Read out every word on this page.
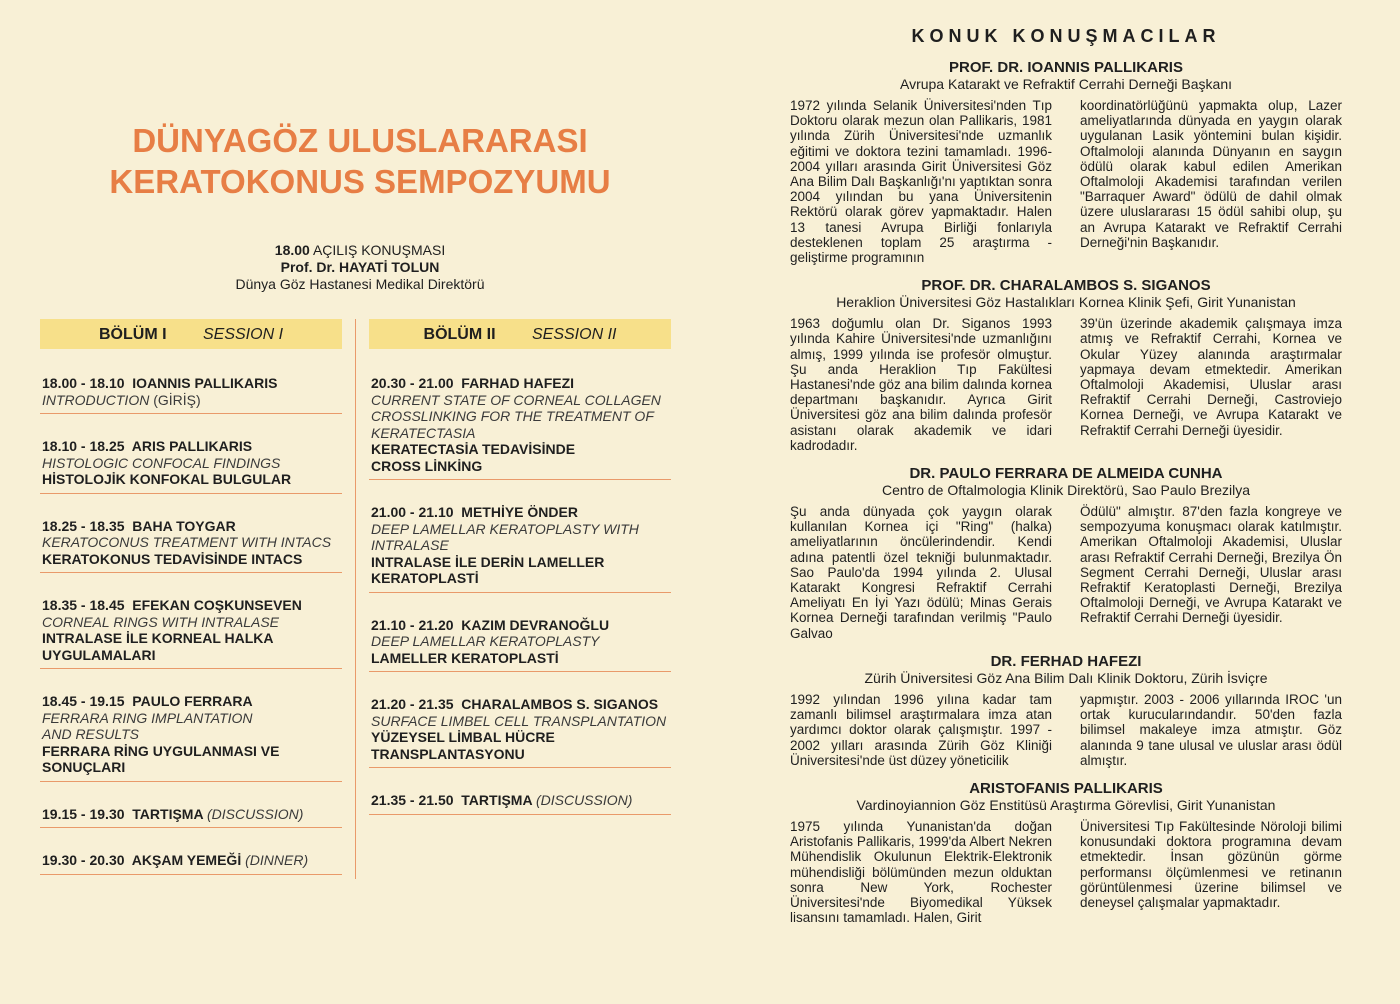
DÜNYAGÖZ ULUSLARARASI
KERATOKONUS SEMPOZYUMU
18.00 AÇILIŞ KONUŞMASI
Prof. Dr. HAYATİ TOLUN
Dünya Göz Hastanesi Medikal Direktörü
BÖLÜM I SESSION I
18.00 - 18.10 IOANNIS PALLIKARIS
INTRODUCTION (GİRİŞ)
18.10 - 18.25 ARIS PALLIKARIS
HISTOLOGIC CONFOCAL FINDINGS
HİSTOLOJİK KONFOKAL BULGULAR
18.25 - 18.35 BAHA TOYGAR
KERATOCONUS TREATMENT WITH INTACS
KERATOKONUS TEDAVİSİNDE INTACS
18.35 - 18.45 EFEKAN COŞKUNSEVEN
CORNEAL RINGS WITH INTRALASE
INTRALASE İLE KORNEAL HALKA UYGULAMALARI
18.45 - 19.15 PAULO FERRARA
FERRARA RING IMPLANTATION AND RESULTS
FERRARA RİNG UYGULANMASI VE SONUÇLARI
19.15 - 19.30 TARTIŞMA (DISCUSSION)
19.30 - 20.30 AKŞAM YEMEĞİ (DINNER)
BÖLÜM II SESSION II
20.30 - 21.00 FARHAD HAFEZI
CURRENT STATE OF CORNEAL COLLAGEN CROSSLINKING FOR THE TREATMENT OF KERATECTASIA
KERATECTASİA TEDAVİSİNDE CROSS LİNKİNG
21.00 - 21.10 METHİYE ÖNDER
DEEP LAMELLAR KERATOPLASTY WITH INTRALASE
INTRALASE İLE DERİN LAMELLER KERATOPLASTİ
21.10 - 21.20 KAZIM DEVRANOĞLU
DEEP LAMELLAR KERATOPLASTY
LAMELLER KERATOPLASTİ
21.20 - 21.35 CHARALAMBOS S. SIGANOS
SURFACE LIMBEL CELL TRANSPLANTATION
YÜZEYSEL LİMBAL HÜCRE TRANSPLANTASYONU
21.35 - 21.50 TARTIŞMA (DISCUSSION)
KONUK KONUŞMACILAR
PROF. DR. IOANNIS PALLIKARIS
Avrupa Katarakt ve Refraktif Cerrahi Derneği Başkanı

1972 yılında Selanik Üniversitesi'nden Tıp Doktoru olarak mezun olan Pallikaris, 1981 yılında Zürih Üniversitesi'nde uzmanlık eğitimi ve doktora tezini tamamladı. 1996-2004 yılları arasında Girit Üniversitesi Göz Ana Bilim Dalı Başkanlığı'nı yaptıktan sonra 2004 yılından bu yana Üniversitenin Rektörü olarak görev yapmaktadır. Halen 13 tanesi Avrupa Birliği fonlarıyla desteklenen toplam 25 araştırma - geliştirme programının

koordinatörlüğünü yapmakta olup, Lazer ameliyatlarında dünyada en yaygın olarak uygulanan Lasik yöntemini bulan kişidir. Oftalmoloji alanında Dünyanın en saygın ödülü olarak kabul edilen Amerikan Oftalmoloji Akademisi tarafından verilen "Barraquer Award" ödülü de dahil olmak üzere uluslararası 15 ödül sahibi olup, şu an Avrupa Katarakt ve Refraktif Cerrahi Derneği'nin Başkanıdır.

PROF. DR. CHARALAMBOS S. SIGANOS
Heraklion Üniversitesi Göz Hastalıkları Kornea Klinik Şefi, Girit Yunanistan

1963 doğumlu olan Dr. Siganos 1993 yılında Kahire Üniversitesi'nde uzmanlığını almış, 1999 yılında ise profesör olmuştur. Şu anda Heraklion Tıp Fakültesi Hastanesi'nde göz ana bilim dalında kornea departmanı başkanıdır. Ayrıca Girit Üniversitesi göz ana bilim dalında profesör asistanı olarak akademik ve idari kadrodadır.

39'ün üzerinde akademik çalışmaya imza atmış ve Refraktif Cerrahi, Kornea ve Okular Yüzey alanında araştırmalar yapmaya devam etmektedir. Amerikan Oftalmoloji Akademisi, Uluslar arası Refraktif Cerrahi Derneği, Castroviejo Kornea Derneği, ve Avrupa Katarakt ve Refraktif Cerrahi Derneği üyesidir.

DR. PAULO FERRARA DE ALMEIDA CUNHA
Centro de Oftalmologia Klinik Direktörü, Sao Paulo Brezilya

Şu anda dünyada çok yaygın olarak kullanılan Kornea içi "Ring" (halka) ameliyatlarının öncülerindendir. Kendi adına patentli özel tekniği bulunmaktadır. Sao Paulo'da 1994 yılında 2. Ulusal Katarakt Kongresi Refraktif Cerrahi Ameliyatı En İyi Yazı ödülü; Minas Gerais Kornea Derneği tarafından verilmiş "Paulo Galvao

Ödülü" almıştır. 87'den fazla kongreye ve sempozyuma konuşmacı olarak katılmıştır. Amerikan Oftalmoloji Akademisi, Uluslar arası Refraktif Cerrahi Derneği, Brezilya Ön Segment Cerrahi Derneği, Uluslar arası Refraktif Keratoplasti Derneği, Brezilya Oftalmoloji Derneği, ve Avrupa Katarakt ve Refraktif Cerrahi Derneği üyesidir.

DR. FERHAD HAFEZI
Zürih Üniversitesi Göz Ana Bilim Dalı Klinik Doktoru, Zürih İsviçre

1992 yılından 1996 yılına kadar tam zamanlı bilimsel araştırmalara imza atan yardımcı doktor olarak çalışmıştır. 1997 - 2002 yılları arasında Zürih Göz Kliniği Üniversitesi'nde üst düzey yöneticilik

yapmıştır. 2003 - 2006 yıllarında IROC 'un ortak kurucularındandır. 50'den fazla bilimsel makaleye imza atmıştır. Göz alanında 9 tane ulusal ve uluslar arası ödül almıştır.

ARISTOFANIS PALLIKARIS
Vardinoyiannion Göz Enstitüsü Araştırma Görevlisi, Girit Yunanistan

1975 yılında Yunanistan'da doğan Aristofanis Pallikaris, 1999'da Albert Nekren Mühendislik Okulunun Elektrik-Elektronik mühendisliği bölümünden mezun olduktan sonra New York, Rochester Üniversitesi'nde Biyomedikal Yüksek lisansını tamamladı. Halen, Girit

Üniversitesi Tıp Fakültesinde Nöroloji bilimi konusundaki doktora programına devam etmektedir. İnsan gözünün görme performansı ölçümlenmesi ve retinanın görüntülenmesi üzerine bilimsel ve deneysel çalışmalar yapmaktadır.
